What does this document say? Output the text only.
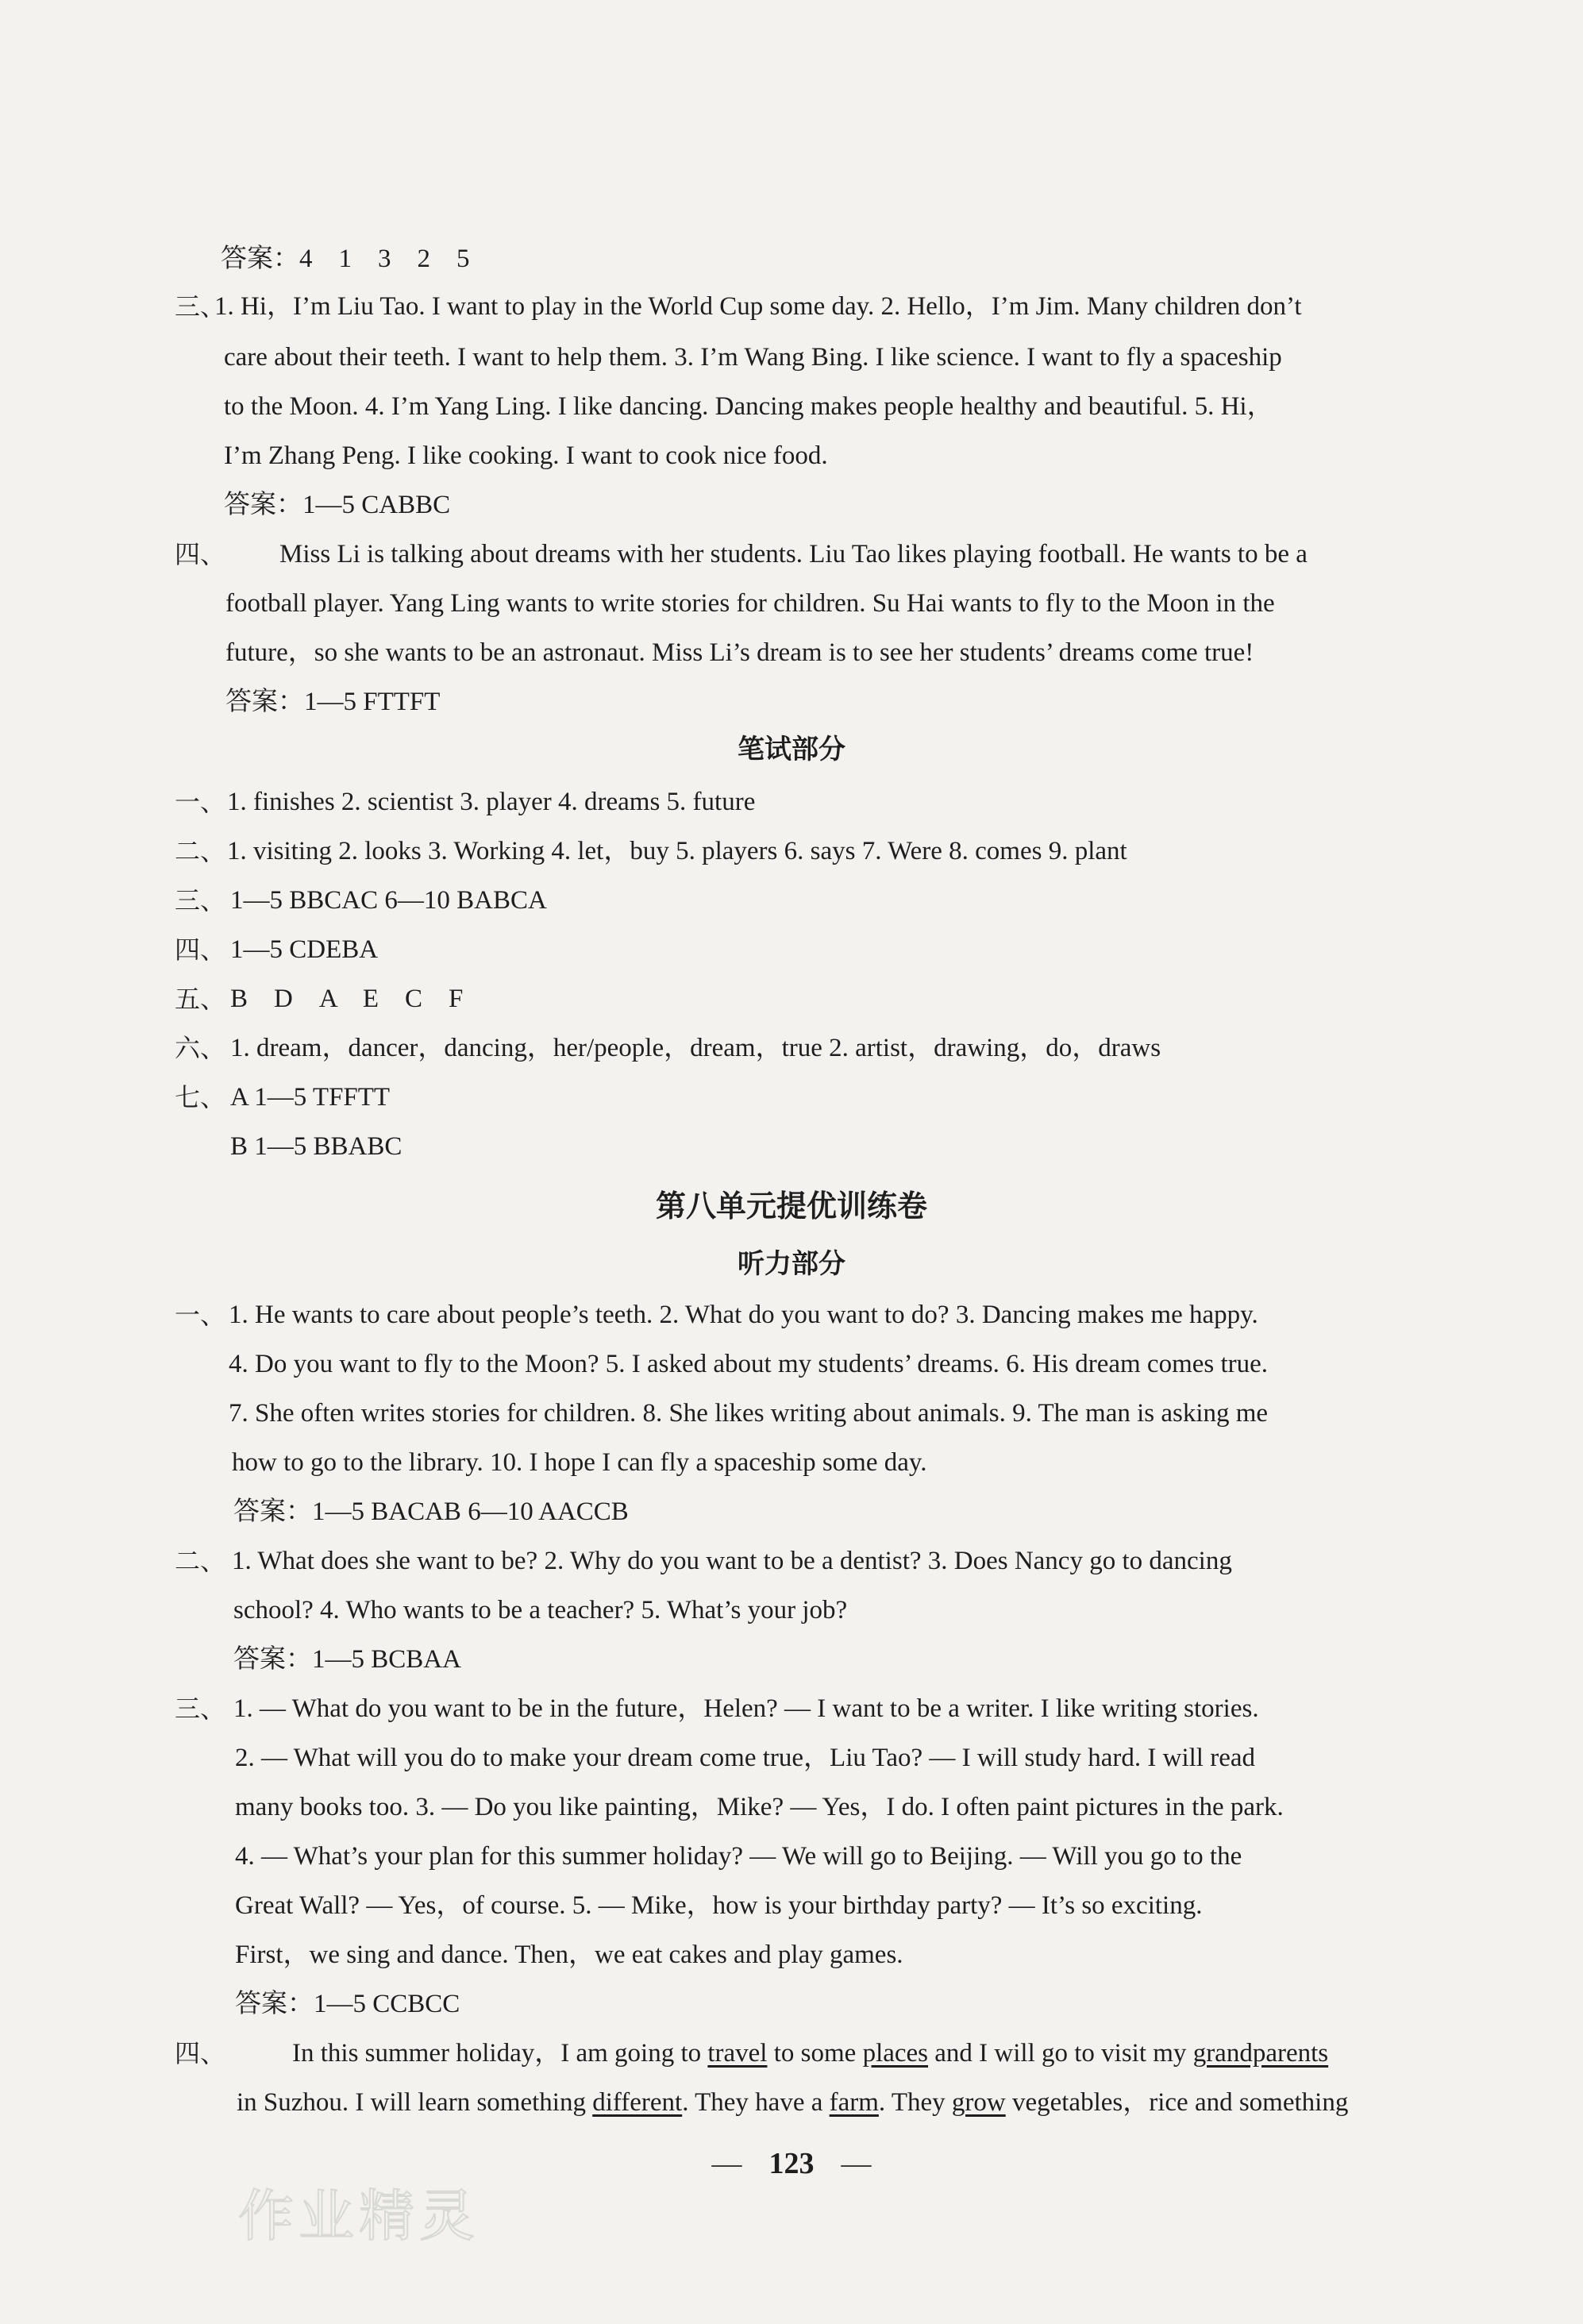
答案：4　1　3　2　5
三、
1. Hi，I’m Liu Tao. I want to play in the World Cup some day. 2. Hello，I’m Jim. Many children don’t
care about their teeth. I want to help them. 3. I’m Wang Bing. I like science. I want to fly a spaceship
to the Moon. 4. I’m Yang Ling. I like dancing. Dancing makes people healthy and beautiful. 5. Hi，
I’m Zhang Peng. I like cooking. I want to cook nice food.
答案：1—5 CABBC
四、 Miss Li is talking about dreams with her students. Liu Tao likes playing football. He wants to be a
football player. Yang Ling wants to write stories for children. Su Hai wants to fly to the Moon in the
future，so she wants to be an astronaut. Miss Li’s dream is to see her students’ dreams come true!
答案：1—5 FTTFT
笔试部分
一、 1. finishes 2. scientist 3. player 4. dreams 5. future
二、 1. visiting 2. looks 3. Working 4. let，buy 5. players 6. says 7. Were 8. comes 9. plant
三、 1—5 BBCAC 6—10 BABCA
四、 1—5 CDEBA
五、 B　D　A　E　C　F
六、 1. dream，dancer，dancing，her/people，dream，true 2. artist，drawing，do，draws
七、 A 1—5 TFFTT
B 1—5 BBABC
第八单元提优训练卷
听力部分
一、 1. He wants to care about people’s teeth. 2. What do you want to do? 3. Dancing makes me happy.
4. Do you want to fly to the Moon? 5. I asked about my students’ dreams. 6. His dream comes true.
7. She often writes stories for children. 8. She likes writing about animals. 9. The man is asking me
how to go to the library. 10. I hope I can fly a spaceship some day.
答案：1—5 BACAB 6—10 AACCB
二、 1. What does she want to be? 2. Why do you want to be a dentist? 3. Does Nancy go to dancing
school? 4. Who wants to be a teacher? 5. What’s your job?
答案：1—5 BCBAA
三、 1. — What do you want to be in the future，Helen? — I want to be a writer. I like writing stories.
2. — What will you do to make your dream come true，Liu Tao? — I will study hard. I will read
many books too. 3. — Do you like painting，Mike? — Yes，I do. I often paint pictures in the park.
4. — What’s your plan for this summer holiday? — We will go to Beijing. — Will you go to the
Great Wall? — Yes，of course. 5. — Mike，how is your birthday party? — It’s so exciting.
First，we sing and dance. Then，we eat cakes and play games.
答案：1—5 CCBCC
四、	In this summer holiday，I am going to travel to some places and I will go to visit my grandparents
in Suzhou. I will learn something different. They have a farm. They grow vegetables，rice and something
— 123 —
作业精灵
